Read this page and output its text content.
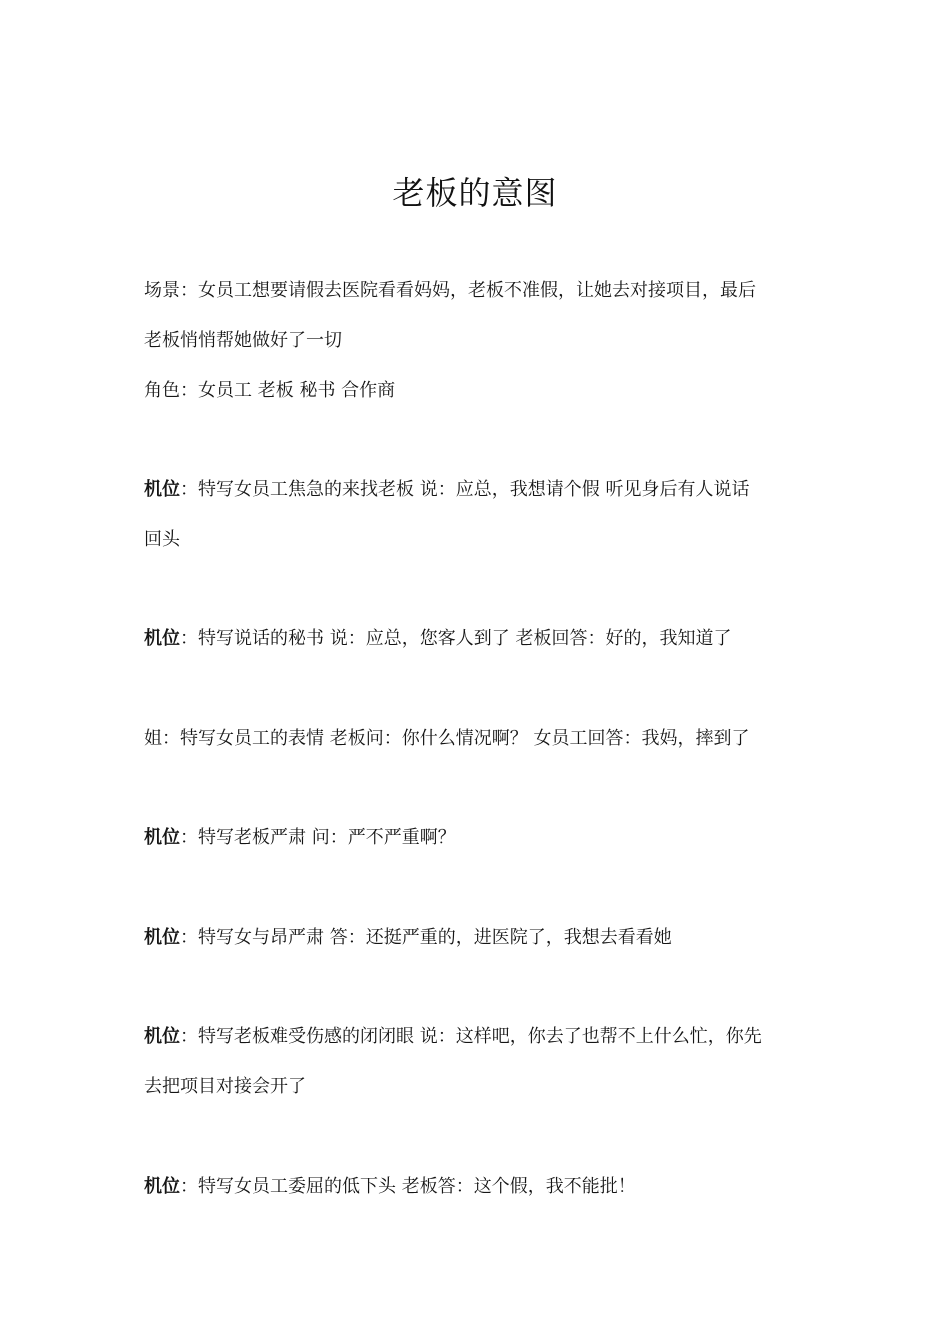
老板的意图
场景：女员工想要请假去医院看看妈妈，老板不准假，让她去对接项目，最后
老板悄悄帮她做好了一切
角色：女员工 老板 秘书 合作商
机位：特写女员工焦急的来找老板 说：应总，我想请个假 听见身后有人说话
回头
机位：特写说话的秘书 说：应总，您客人到了 老板回答：好的，我知道了
姐：特写女员工的表情 老板问：你什么情况啊？ 女员工回答：我妈，摔到了
机位：特写老板严肃 问：严不严重啊？
机位：特写女与昂严肃 答：还挺严重的，进医院了，我想去看看她
机位：特写老板难受伤感的闭闭眼 说：这样吧，你去了也帮不上什么忙，你先
去把项目对接会开了
机位：特写女员工委屈的低下头 老板答：这个假，我不能批！
